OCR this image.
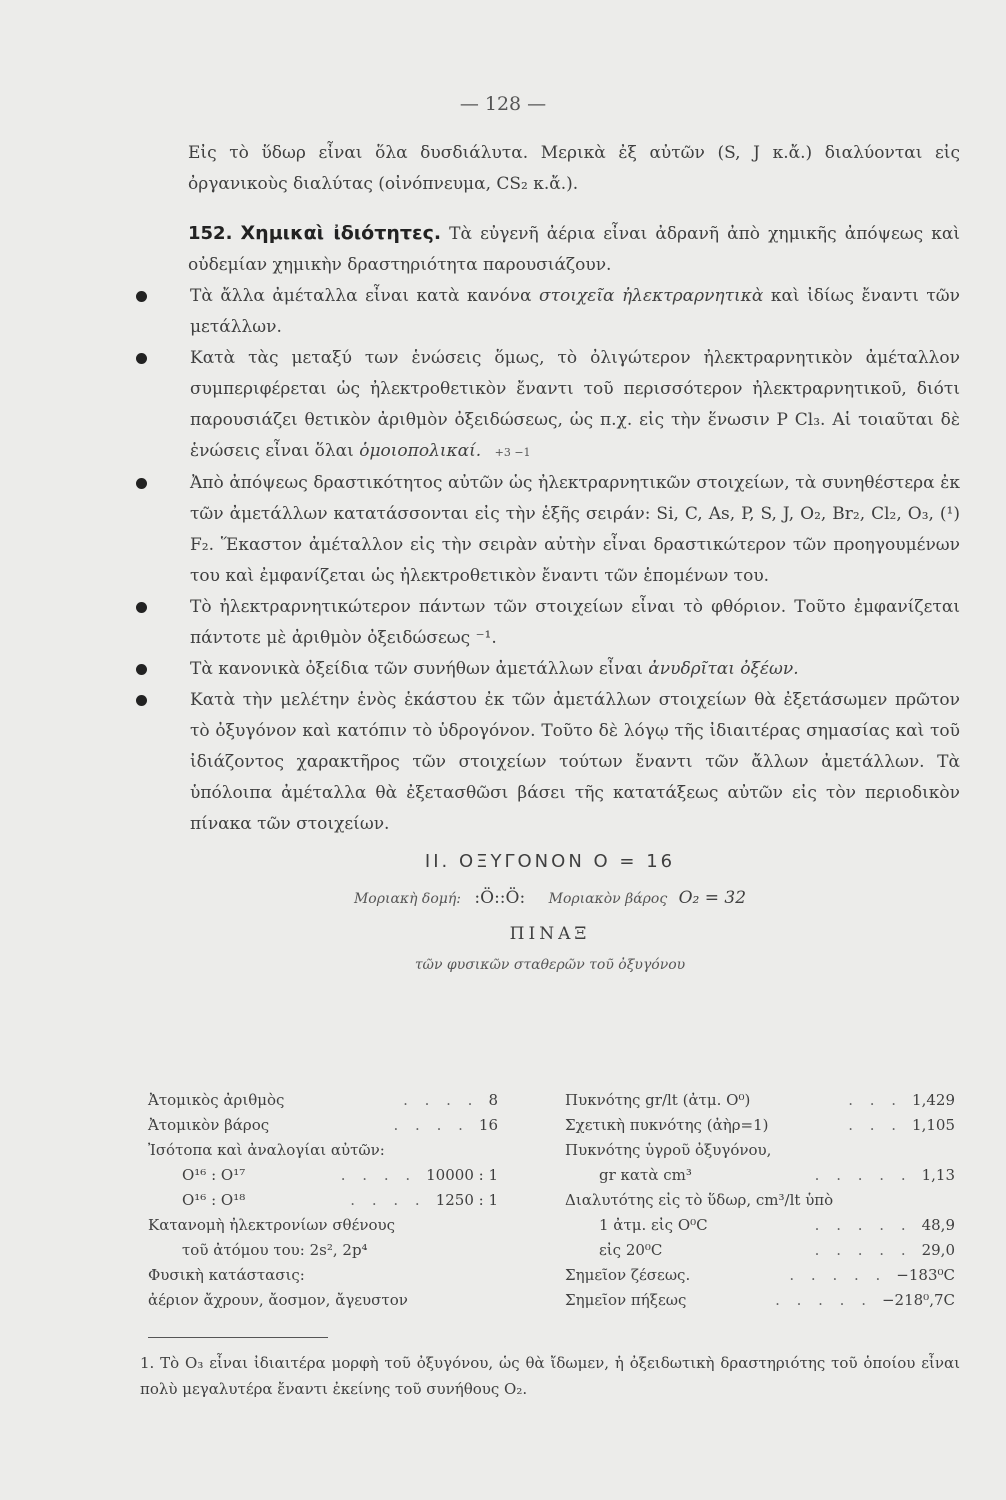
— 128 —

Εἰς τὸ ὕδωρ εἶναι ὅλα δυσδιάλυτα. Μερικὰ ἐξ αὐτῶν (S, J κ.ἄ.) διαλύονται εἰς ὀργανικοὺς διαλύτας (οἰνόπνευμα, CS₂ κ.ἄ.).

152. Χημικαὶ ἰδιότητες. Τὰ εὐγενῆ ἀέρια εἶναι ἀδρανῆ ἀπὸ χημικῆς ἀπόψεως καὶ οὐδεμίαν χημικὴν δραστηριότητα παρουσιάζουν.

Τὰ ἄλλα ἀμέταλλα εἶναι κατὰ κανόνα στοιχεῖα ἠλεκτραρνητικὰ καὶ ἰδίως ἔναντι τῶν μετάλλων.

Κατὰ τὰς μεταξύ των ἑνώσεις ὅμως, τὸ ὀλιγώτερον ἠλεκτραρνητικὸν ἀμέταλλον συμπεριφέρεται ὡς ἠλεκτροθετικὸν ἔναντι τοῦ περισσότερον ἠλεκτραρνητικοῦ, διότι παρουσιάζει θετικὸν ἀριθμὸν ὀξειδώσεως, ὡς π.χ. εἰς τὴν ἕνωσιν P Cl₃. Αἱ τοιαῦται δὲ ἑνώσεις εἶναι ὅλαι ὁμοιοπολικαί. +3 −1

Ἀπὸ ἀπόψεως δραστικότητος αὐτῶν ὡς ἠλεκτραρνητικῶν στοιχείων, τὰ συνηθέστερα ἐκ τῶν ἀμετάλλων κατατάσσονται εἰς τὴν ἑξῆς σειράν: Si, C, As, P, S, J, O₂, Br₂, Cl₂, O₃, (¹) F₂. Ἕκαστον ἀμέταλλον εἰς τὴν σειρὰν αὐτὴν εἶναι δραστικώτερον τῶν προηγουμένων του καὶ ἐμφανίζεται ὡς ἠλεκτροθετικὸν ἔναντι τῶν ἑπομένων του.

Τὸ ἠλεκτραρνητικώτερον πάντων τῶν στοιχείων εἶναι τὸ φθόριον. Τοῦτο ἐμφανίζεται πάντοτε μὲ ἀριθμὸν ὀξειδώσεως ⁻¹.

Τὰ κανονικὰ ὀξείδια τῶν συνήθων ἀμετάλλων εἶναι ἀνυδρῖται ὀξέων.

Κατὰ τὴν μελέτην ἑνὸς ἑκάστου ἐκ τῶν ἀμετάλλων στοιχείων θὰ ἐξετάσωμεν πρῶτον τὸ ὀξυγόνον καὶ κατόπιν τὸ ὑδρογόνον. Τοῦτο δὲ λόγῳ τῆς ἰδιαιτέρας σημασίας καὶ τοῦ ἰδιάζοντος χαρακτῆρος τῶν στοιχείων τούτων ἔναντι τῶν ἄλλων ἀμετάλλων. Τὰ ὑπόλοιπα ἀμέταλλα θὰ ἐξετασθῶσι βάσει τῆς κατατάξεως αὐτῶν εἰς τὸν περιοδικὸν πίνακα τῶν στοιχείων.

ΙΙ. ΟΞΥΓΟΝΟΝ Ο = 16

Μοριακὴ δομή: :Ö::Ö: Μοριακὸν βάρος O₂ = 32

ΠΙΝΑΞ

τῶν φυσικῶν σταθερῶν τοῦ ὀξυγόνου

Ἀτομικὸς ἀριθμὸς	. . . . 8
Ἀτομικὸν βάρος	. . . . 16
Ἰσότοπα καὶ ἀναλογίαι αὐτῶν:
O¹⁶ : O¹⁷	. . . . 10000 : 1
O¹⁶ : O¹⁸	. . . . 1250 : 1
Κατανομὴ ἠλεκτρονίων σθένους
τοῦ ἀτόμου του: 2s², 2p⁴
Φυσικὴ κατάστασις:
ἀέριον ἄχρουν, ἄοσμον, ἄγευστον
Πυκνότης gr/lt (ἀτμ. O⁰)	. . . 1,429
Σχετικὴ πυκνότης (ἀὴρ=1)	. . . 1,105
Πυκνότης ὑγροῦ ὀξυγόνου,
gr κατὰ cm³	. . . . . 1,13
Διαλυτότης εἰς τὸ ὕδωρ, cm³/lt ὑπὸ
1 ἀτμ. εἰς O⁰C	. . . . . 48,9
εἰς 20⁰C	. . . . . 29,0
Σημεῖον ζέσεως.	. . . . . −183⁰C
Σημεῖον πήξεως	. . . . . −218⁰,7C
1. Τὸ O₃ εἶναι ἰδιαιτέρα μορφὴ τοῦ ὀξυγόνου, ὡς θὰ ἴδωμεν, ἡ ὀξειδωτικὴ δραστηριότης τοῦ ὁποίου εἶναι πολὺ μεγαλυτέρα ἔναντι ἐκείνης τοῦ συνήθους O₂.
